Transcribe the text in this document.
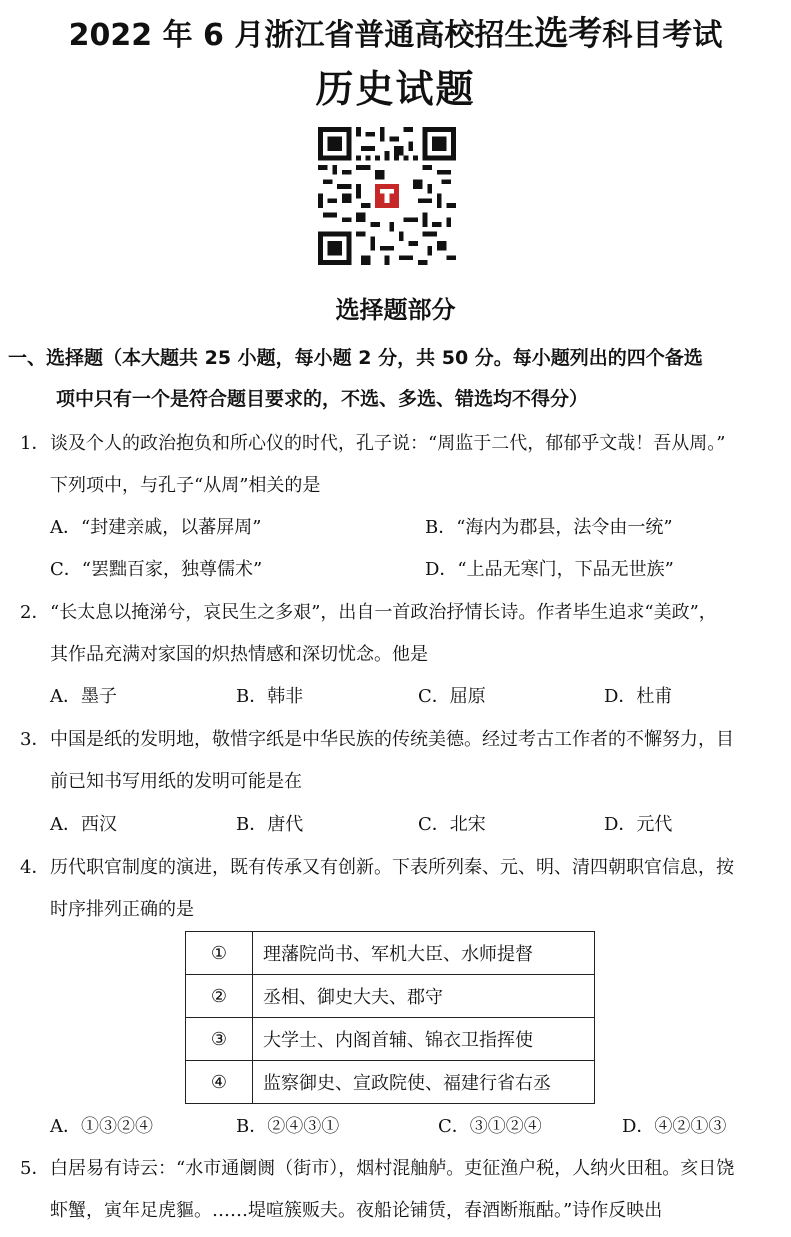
2022 年 6 月浙江省普通高校招生选考科目考试
历史试题
选择题部分
一、选择题（本大题共 25 小题，每小题 2 分，共 50 分。每小题列出的四个备选
项中只有一个是符合题目要求的，不选、多选、错选均不得分）
1． 谈及个人的政治抱负和所心仪的时代，孔子说：“周监于二代，郁郁乎文哉！吾从周。”
下列项中，与孔子“从周”相关的是
A．“封建亲戚，以蕃屏周”	B．“海内为郡县，法令由一统”
C．“罢黜百家，独尊儒术”	D．“上品无寒门，下品无世族”
2． “长太息以掩涕兮，哀民生之多艰”，出自一首政治抒情长诗。作者毕生追求“美政”，
其作品充满对家国的炽热情感和深切忧念。他是
A．墨子	B．韩非	C．屈原	D．杜甫
3． 中国是纸的发明地，敬惜字纸是中华民族的传统美德。经过考古工作者的不懈努力，目
前已知书写用纸的发明可能是在
A．西汉	B．唐代	C．北宋	D．元代
4． 历代职官制度的演进，既有传承又有创新。下表所列秦、元、明、清四朝职官信息，按
时序排列正确的是
①	理藩院尚书、军机大臣、水师提督
②	丞相、御史大夫、郡守
③	大学士、内阁首辅、锦衣卫指挥使
④	监察御史、宣政院使、福建行省右丞
A．①③②④	B．②④③①	C．③①②④	D．④②①③
5． 白居易有诗云：“水市通阛阓（街市），烟村混舳舻。吏征渔户税，人纳火田租。亥日饶
虾蟹，寅年足虎貙。……堤喧簇贩夫。夜船论铺赁，春酒断瓶酤。”诗作反映出
